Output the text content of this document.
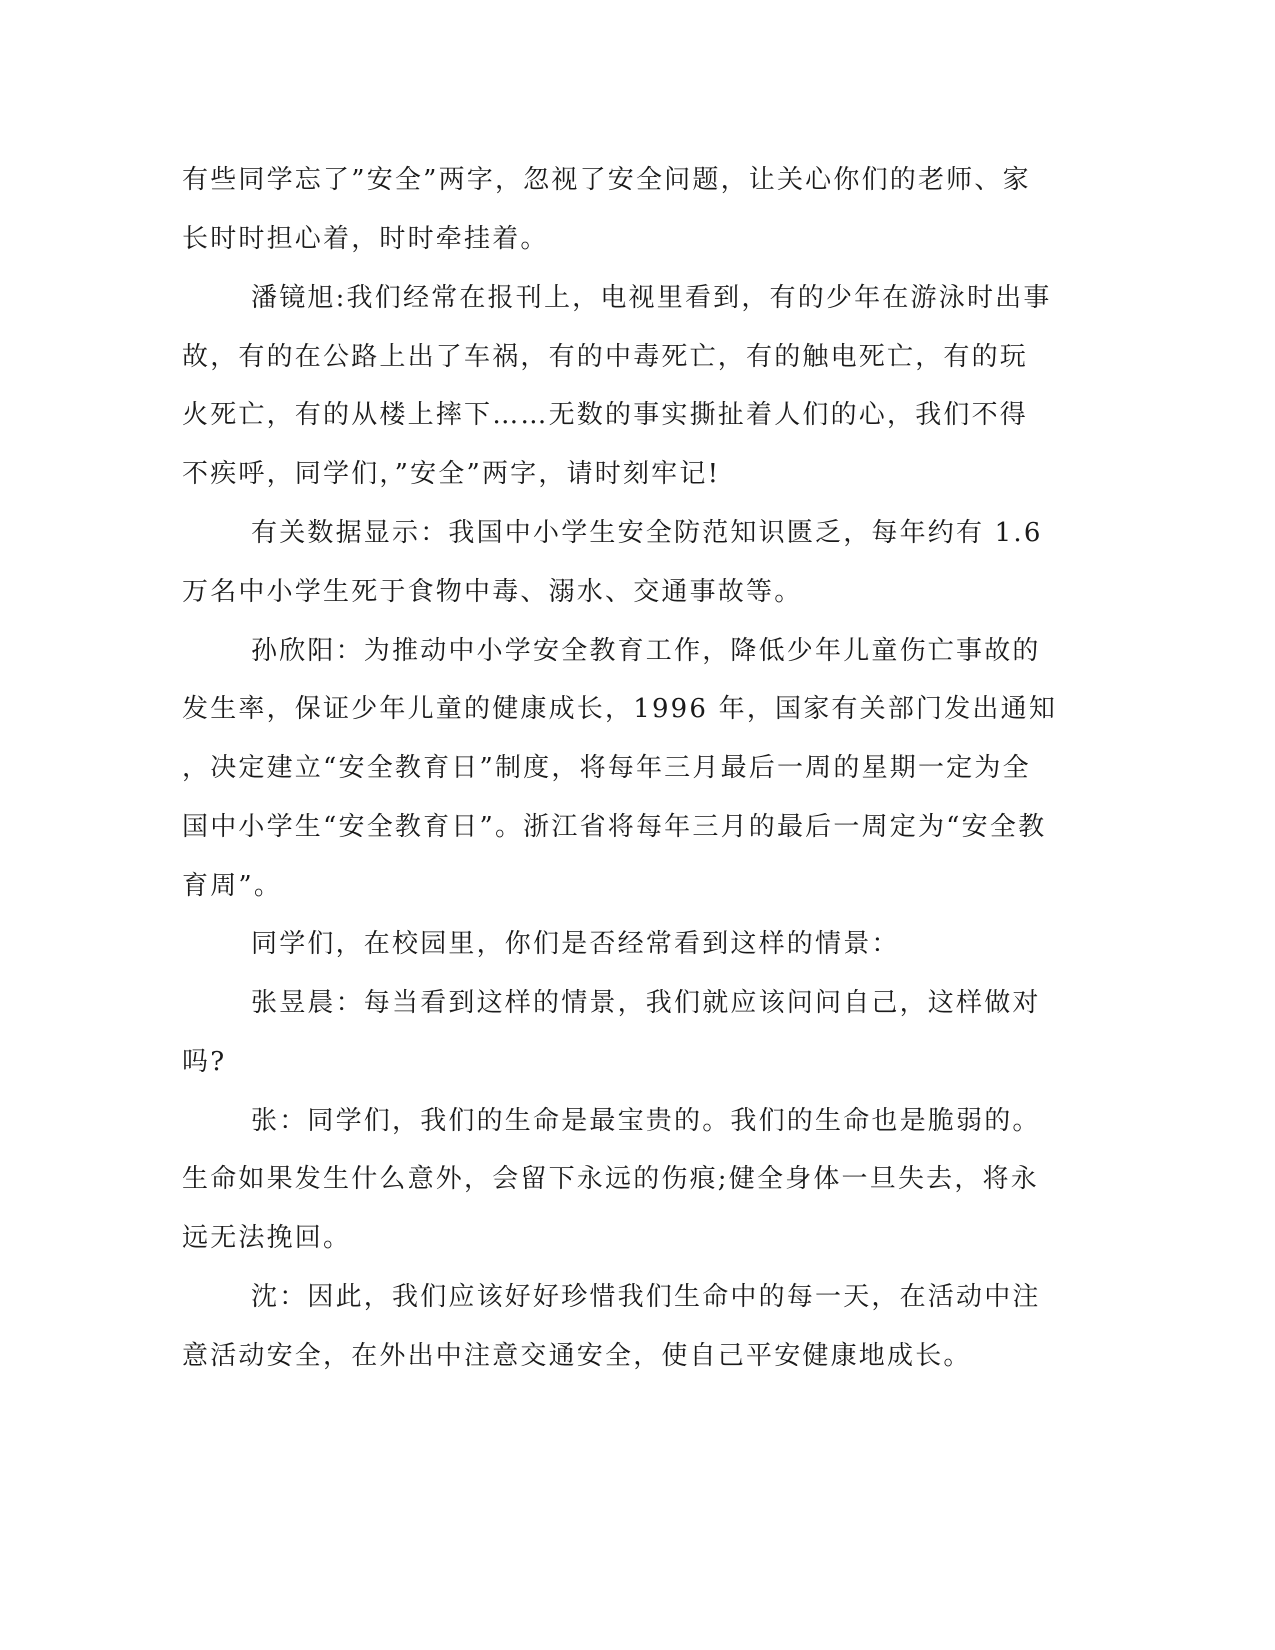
有些同学忘了”安全”两字，忽视了安全问题，让关心你们的老师、家

长时时担心着，时时牵挂着。

潘镜旭:我们经常在报刊上，电视里看到，有的少年在游泳时出事

故，有的在公路上出了车祸，有的中毒死亡，有的触电死亡，有的玩

火死亡，有的从楼上摔下……无数的事实撕扯着人们的心，我们不得

不疾呼，同学们，”安全”两字，请时刻牢记!

有关数据显示：我国中小学生安全防范知识匮乏，每年约有 1.6

万名中小学生死于食物中毒、溺水、交通事故等。

孙欣阳：为推动中小学安全教育工作，降低少年儿童伤亡事故的

发生率，保证少年儿童的健康成长，1996 年，国家有关部门发出通知

，决定建立“安全教育日”制度，将每年三月最后一周的星期一定为全

国中小学生“安全教育日”。浙江省将每年三月的最后一周定为“安全教

育周”。

同学们，在校园里，你们是否经常看到这样的情景：

张昱晨：每当看到这样的情景，我们就应该问问自己，这样做对

吗?

张：同学们，我们的生命是最宝贵的。我们的生命也是脆弱的。

生命如果发生什么意外，会留下永远的伤痕;健全身体一旦失去，将永

远无法挽回。

沈：因此，我们应该好好珍惜我们生命中的每一天，在活动中注

意活动安全，在外出中注意交通安全，使自己平安健康地成长。
